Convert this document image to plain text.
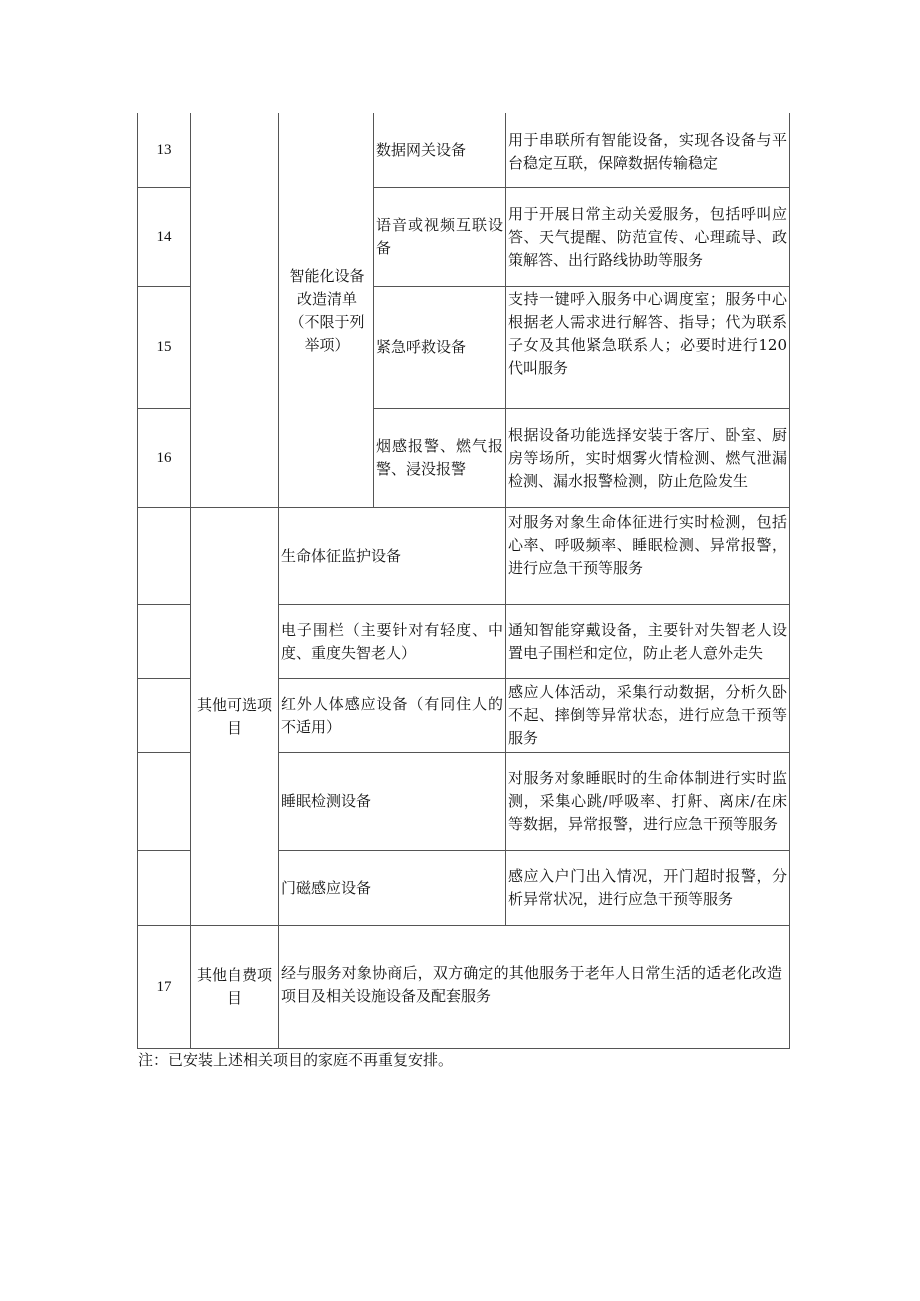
13	数据网关设备
用于串联所有智能设备，实现各设备与平台稳定互联，保障数据传输稳定
14
语音或视频互联设备
用于开展日常主动关爱服务，包括呼叫应答、天气提醒、防范宣传、心理疏导、政策解答、出行路线协助等服务
15	紧急呼救设备
支持一键呼入服务中心调度室；服务中心根据老人需求进行解答、指导；代为联系子女及其他紧急联系人；必要时进行120代叫服务
16
烟感报警、燃气报警、浸没报警
根据设备功能选择安装于客厅、卧室、厨房等场所，实时烟雾火情检测、燃气泄漏检测、漏水报警检测，防止危险发生
智能化设备改造清单（不限于列举项）
其他可选项目
生命体征监护设备
对服务对象生命体征进行实时检测，包括心率、呼吸频率、睡眠检测、异常报警，进行应急干预等服务
电子围栏（主要针对有轻度、中度、重度失智老人）
通知智能穿戴设备，主要针对失智老人设置电子围栏和定位，防止老人意外走失
红外人体感应设备（有同住人的不适用）
感应人体活动，采集行动数据，分析久卧不起、摔倒等异常状态，进行应急干预等服务
睡眠检测设备
对服务对象睡眠时的生命体制进行实时监测，采集心跳/呼吸率、打鼾、离床/在床等数据，异常报警，进行应急干预等服务
门磁感应设备
感应入户门出入情况，开门超时报警，分析异常状况，进行应急干预等服务
17
其他自费项目
经与服务对象协商后，双方确定的其他服务于老年人日常生活的适老化改造项目及相关设施设备及配套服务
注：已安装上述相关项目的家庭不再重复安排。
